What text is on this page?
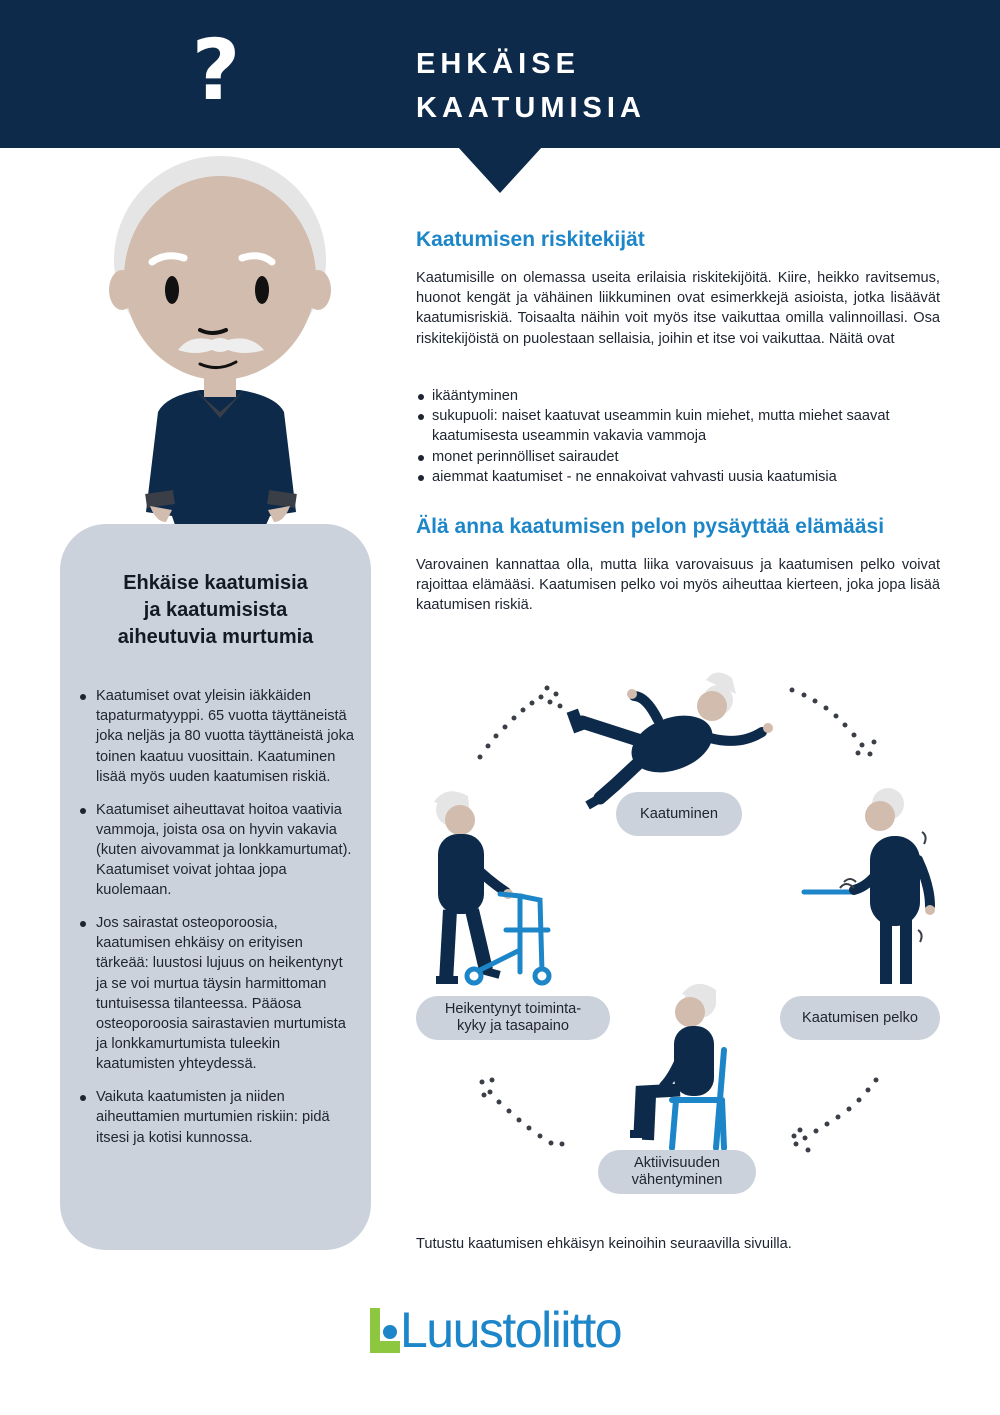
?	EHKÄISE
KAATUMISIA
Ehkäise kaatumisia
ja kaatumisista
aiheutuvia murtumia
Kaatumiset ovat yleisin iäkkäiden tapaturmatyyppi. 65 vuotta täyttäneistä joka neljäs ja 80 vuotta täyttäneistä joka toinen kaatuu vuosittain. Kaatuminen lisää myös uuden kaatumisen riskiä.
Kaatumiset aiheuttavat hoitoa vaativia vammoja, joista osa on hyvin vakavia (kuten aivovammat ja lonkkamurtumat). Kaatumiset voivat johtaa jopa kuolemaan.
Jos sairastat osteoporoosia, kaatumisen ehkäisy on erityisen tärkeää: luustosi lujuus on heikentynyt ja se voi murtua täysin harmittoman tuntuisessa tilanteessa. Pääosa osteoporoosia sairastavien murtumista ja lonkkamurtumista tuleekin kaatumisten yhteydessä.
Vaikuta kaatumisten ja niiden aiheuttamien murtumien riskiin: pidä itsesi ja kotisi kunnossa.
Kaatumisen riskitekijät

Kaatumisille on olemassa useita erilaisia riskitekijöitä. Kiire, heikko ravitsemus, huonot kengät ja vähäinen liikkuminen ovat esimerkkejä asioista, jotka lisäävät kaatumisriskiä. Toisaalta näihin voit myös itse vaikuttaa omilla valinnoillasi. Osa riskitekijöistä on puolestaan sellaisia, joihin et itse voi vaikuttaa. Näitä ovat

ikääntyminen
sukupuoli: naiset kaatuvat useammin kuin miehet, mutta miehet saavat kaatumisesta useammin vakavia vammoja
monet perinnölliset sairaudet
aiemmat kaatumiset - ne ennakoivat vahvasti uusia kaatumisia
Älä anna kaatumisen pelon pysäyttää elämääsi

Varovainen kannattaa olla, mutta liika varovaisuus ja kaatumisen pelko voivat rajoittaa elämääsi. Kaatumisen pelko voi myös aiheuttaa kierteen, joka jopa lisää kaatumisen riskiä.

Kaatuminen
Kaatumisen pelko
Aktiivisuuden
vähentyminen
Heikentynyt toiminta-
kyky ja tasapaino
Tutustu kaatumisen ehkäisyn keinoihin seuraavilla sivuilla.
Luustoliitto
